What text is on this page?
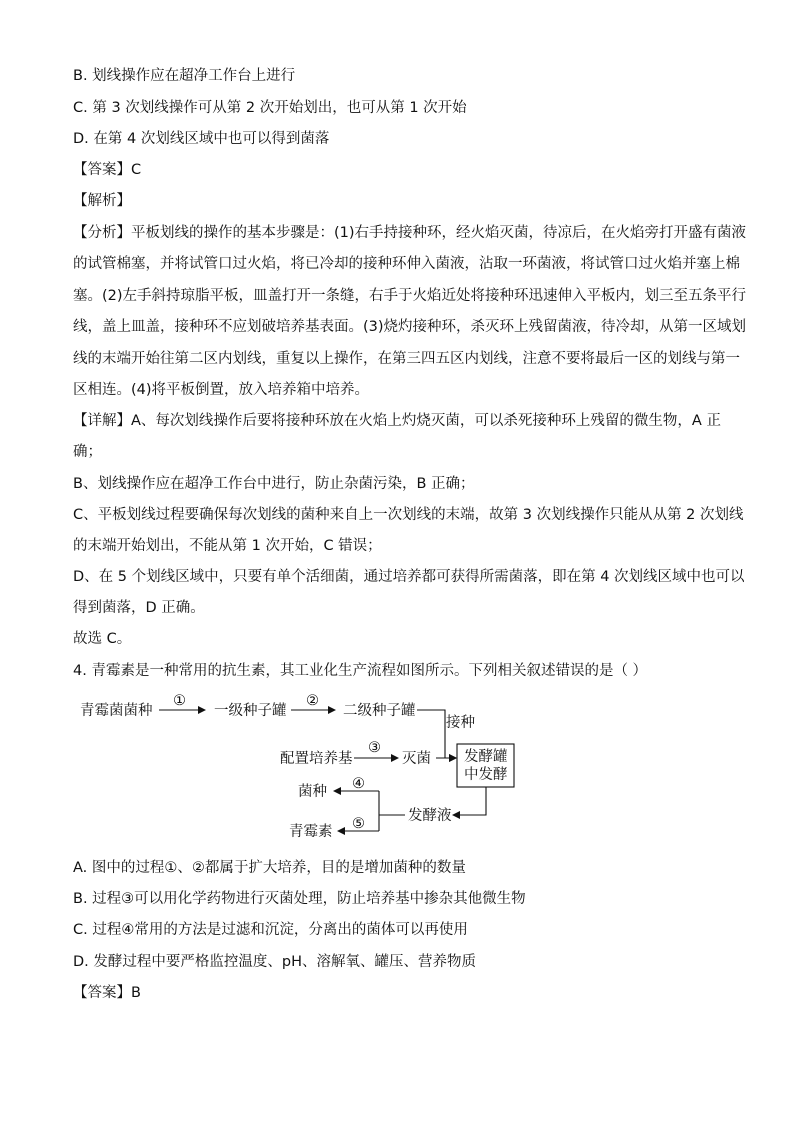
B. 划线操作应在超净工作台上进行
C. 第 3 次划线操作可从第 2 次开始划出，也可从第 1 次开始
D. 在第 4 次划线区域中也可以得到菌落
【答案】C
【解析】
【分析】平板划线的操作的基本步骤是：(1)右手持接种环，经火焰灭菌，待凉后，在火焰旁打开盛有菌液
的试管棉塞，并将试管口过火焰，将已冷却的接种环伸入菌液，沾取一环菌液，将试管口过火焰并塞上棉
塞。(2)左手斜持琼脂平板，皿盖打开一条缝，右手于火焰近处将接种环迅速伸入平板内，划三至五条平行
线，盖上皿盖，接种环不应划破培养基表面。(3)烧灼接种环，杀灭环上残留菌液，待冷却，从第一区域划
线的末端开始往第二区内划线，重复以上操作，在第三四五区内划线，注意不要将最后一区的划线与第一
区相连。(4)将平板倒置，放入培养箱中培养。
【详解】A、每次划线操作后要将接种环放在火焰上灼烧灭菌，可以杀死接种环上残留的微生物，A 正
确；
B、划线操作应在超净工作台中进行，防止杂菌污染，B 正确；
C、平板划线过程要确保每次划线的菌种来自上一次划线的末端，故第 3 次划线操作只能从从第 2 次划线
的末端开始划出，不能从第 1 次开始，C 错误；
D、在 5 个划线区域中，只要有单个活细菌，通过培养都可获得所需菌落，即在第 4 次划线区域中也可以
得到菌落，D 正确。
故选 C。
4. 青霉素是一种常用的抗生素，其工业化生产流程如图所示。下列相关叙述错误的是（ ）
青霉菌菌种
①
一级种子罐
②
二级种子罐
接种
配置培养基
③
灭菌 发酵罐
中发酵
发酵液
④
菌种
⑤
青霉素
A. 图中的过程①、②都属于扩大培养，目的是增加菌种的数量
B. 过程③可以用化学药物进行灭菌处理，防止培养基中掺杂其他微生物
C. 过程④常用的方法是过滤和沉淀，分离出的菌体可以再使用
D. 发酵过程中要严格监控温度、pH、溶解氧、罐压、营养物质
【答案】B
